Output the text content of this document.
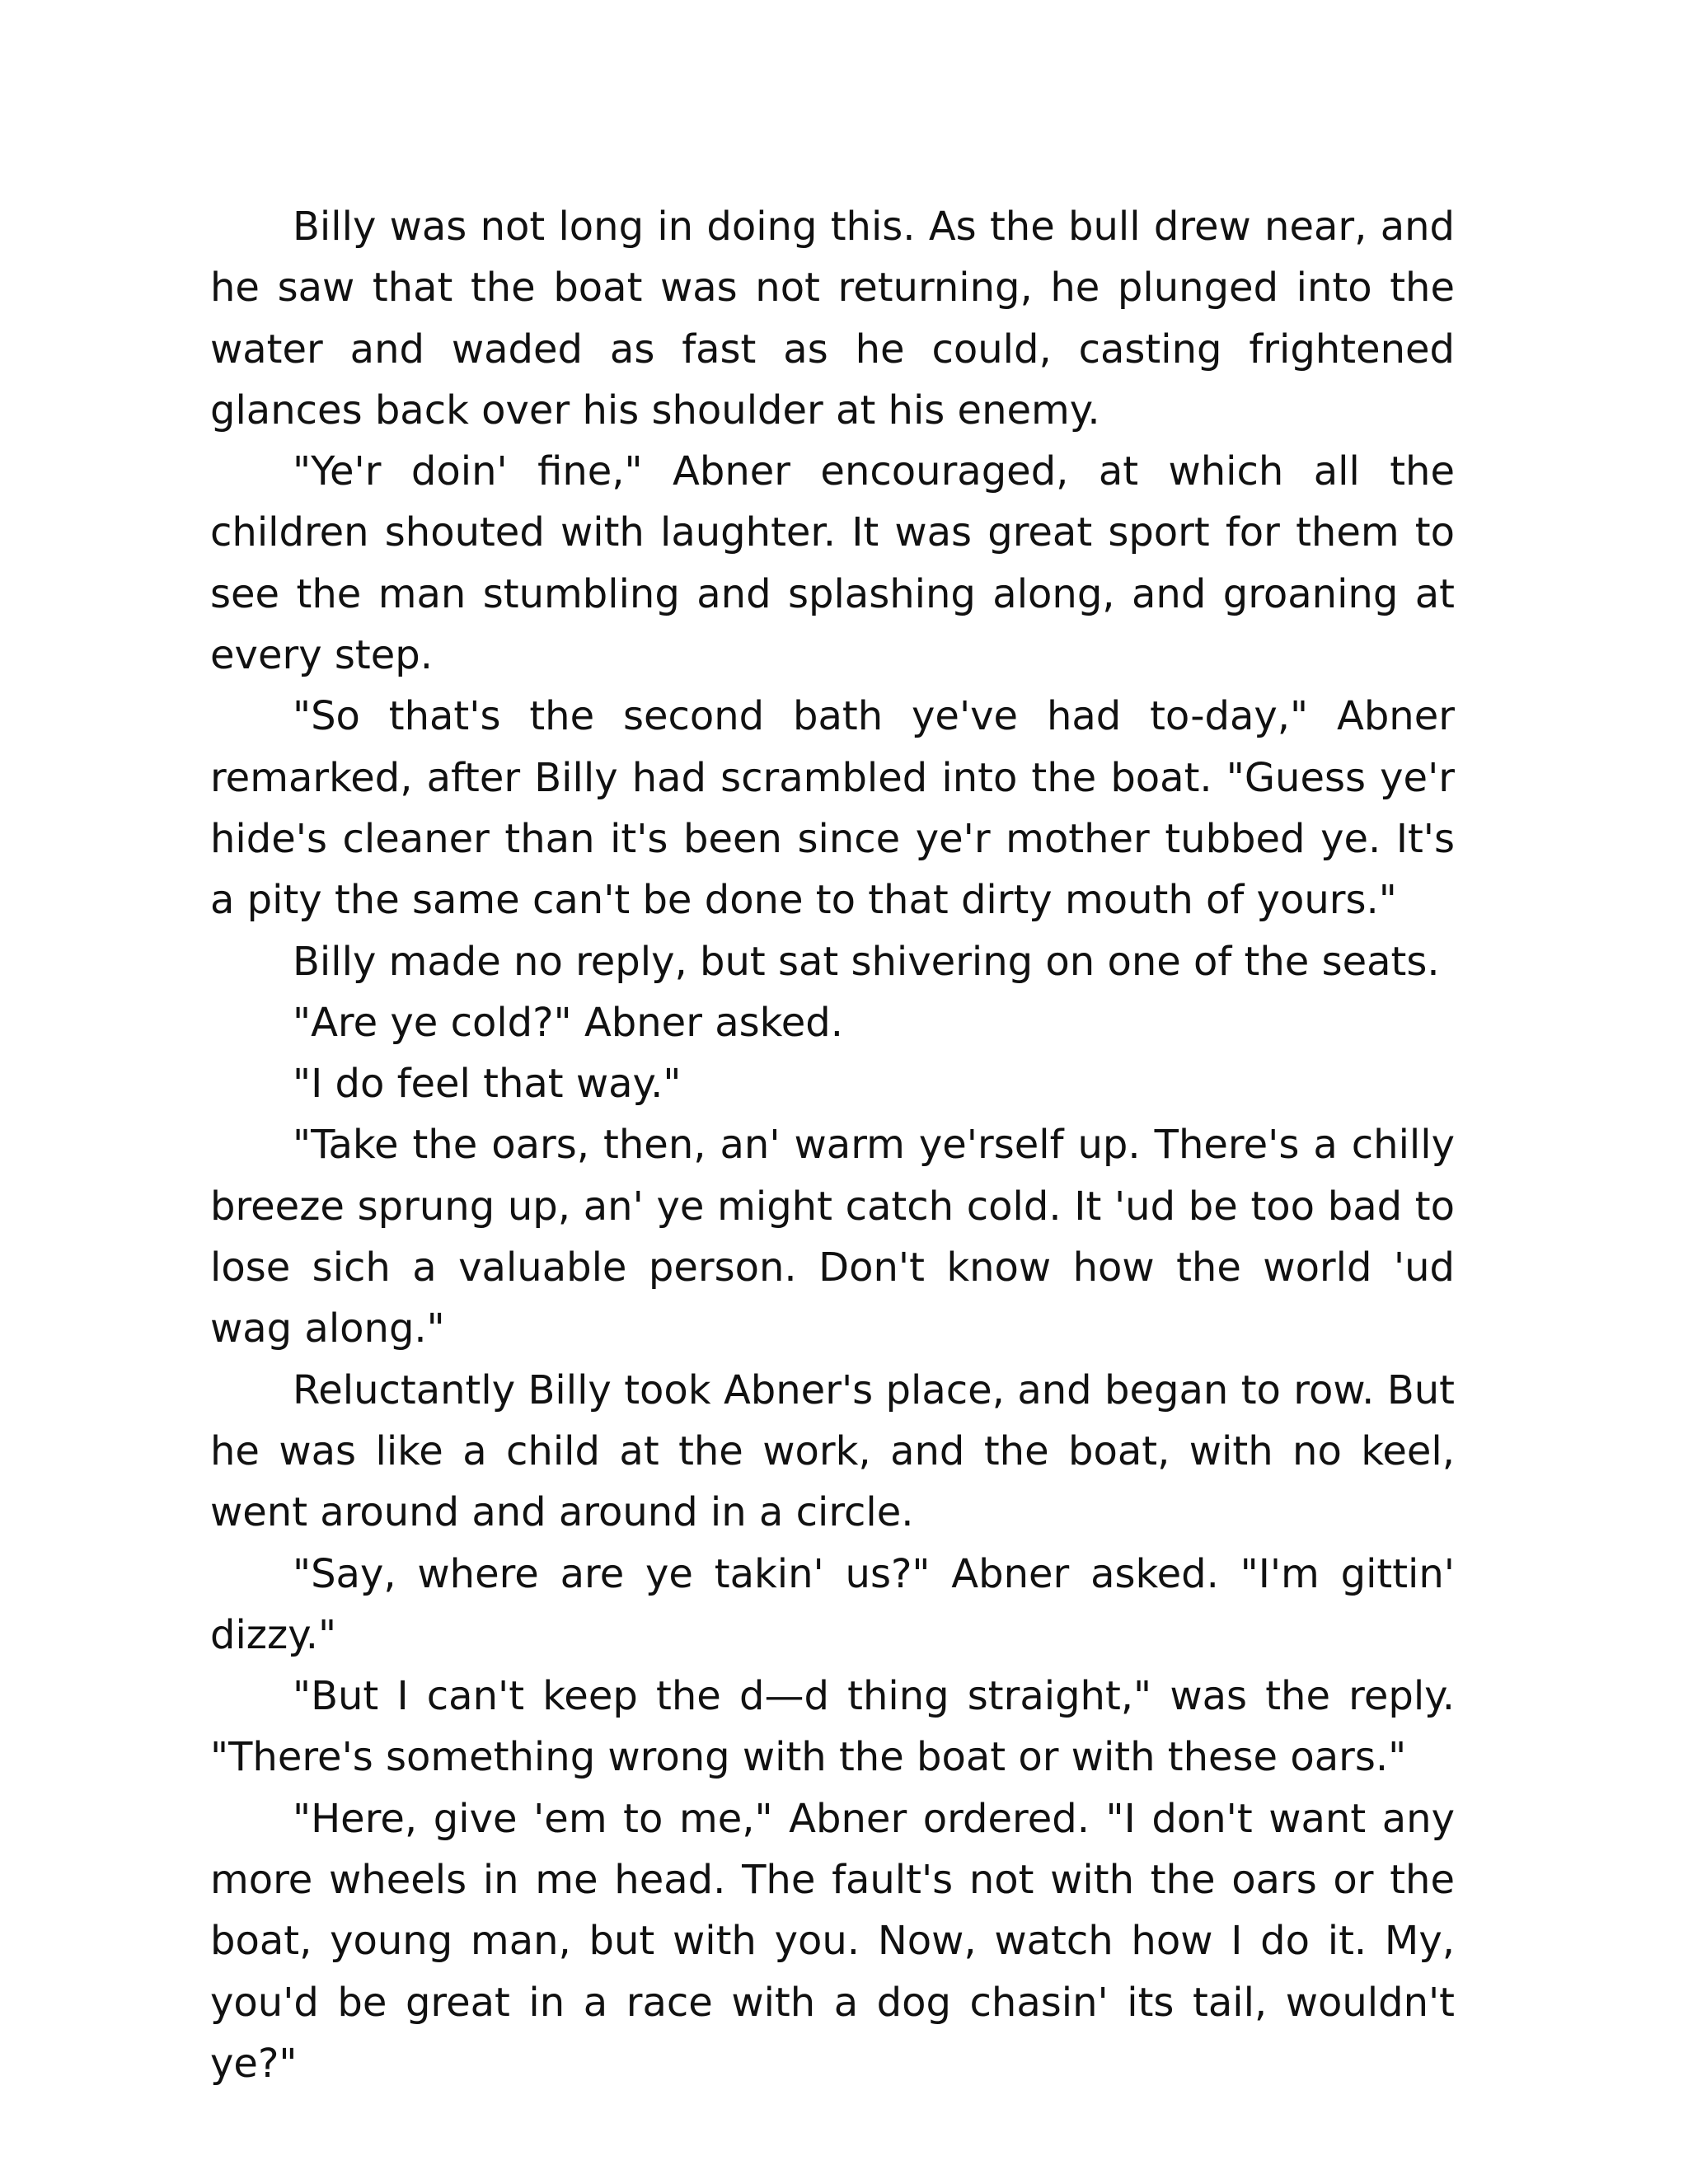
Billy was not long in doing this. As the bull drew near, and he saw that the boat was not returning, he plunged into the water and waded as fast as he could, casting frightened glances back over his shoulder at his enemy.

"Ye'r doin' fine," Abner encouraged, at which all the children shouted with laughter. It was great sport for them to see the man stumbling and splashing along, and groaning at every step.

"So that's the second bath ye've had to-day," Abner remarked, after Billy had scrambled into the boat. "Guess ye'r hide's cleaner than it's been since ye'r mother tubbed ye. It's a pity the same can't be done to that dirty mouth of yours."

Billy made no reply, but sat shivering on one of the seats.

"Are ye cold?" Abner asked.

"I do feel that way."

"Take the oars, then, an' warm ye'rself up. There's a chilly breeze sprung up, an' ye might catch cold. It 'ud be too bad to lose sich a valuable person. Don't know how the world 'ud wag along."

Reluctantly Billy took Abner's place, and began to row. But he was like a child at the work, and the boat, with no keel, went around and around in a circle.

"Say, where are ye takin' us?" Abner asked. "I'm gittin' dizzy."

"But I can't keep the d—d thing straight," was the reply. "There's something wrong with the boat or with these oars."

"Here, give 'em to me," Abner ordered. "I don't want any more wheels in me head. The fault's not with the oars or the boat, young man, but with you. Now, watch how I do it. My, you'd be great in a race with a dog chasin' its tail, wouldn't ye?"
